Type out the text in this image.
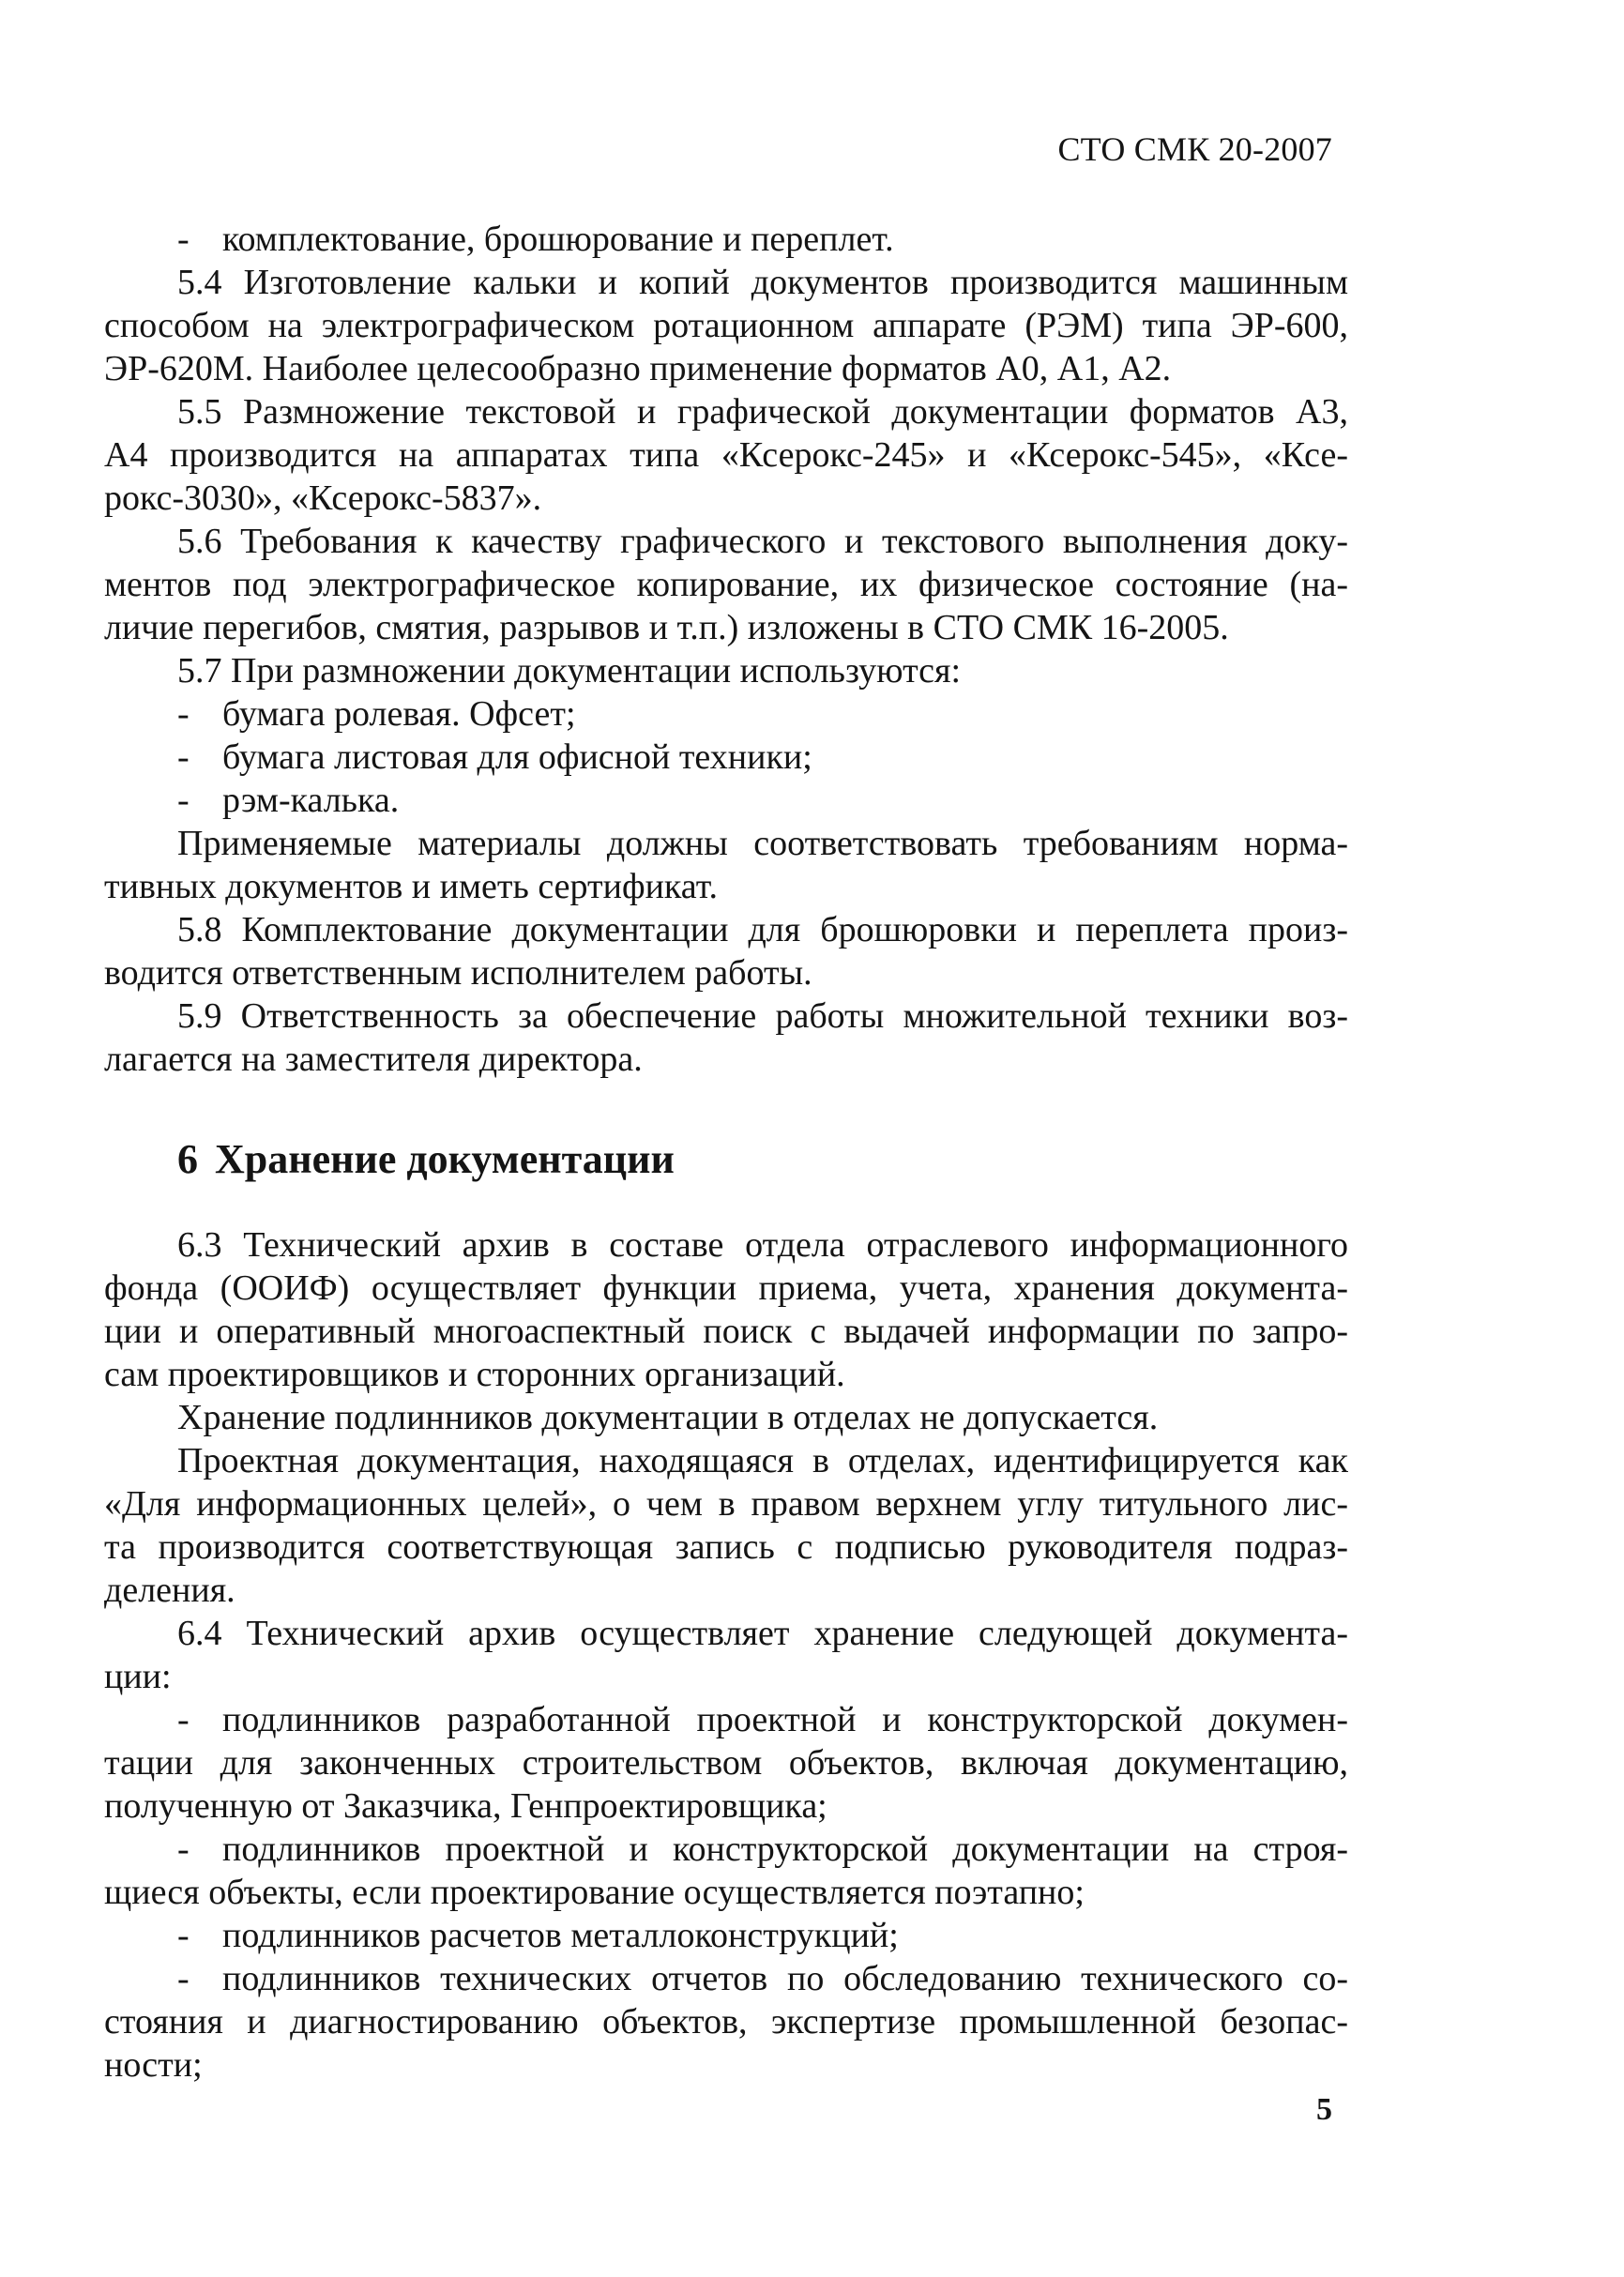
СТО СМК 20-2007
- комплектование, брошюрование и переплет.
5.4 Изготовление кальки и копий документов производится машинным
способом на электрографическом ротационном аппарате (РЭМ) типа ЭР-600,
ЭР-620М. Наиболее целесообразно применение форматов А0, А1, А2.
5.5 Размножение текстовой и графической документации форматов А3,
А4 производится на аппаратах типа «Ксерокс-245» и «Ксерокс-545», «Ксе-
рокс-3030», «Ксерокс-5837».
5.6 Требования к качеству графического и текстового выполнения доку-
ментов под электрографическое копирование, их физическое состояние (на-
личие перегибов, смятия, разрывов и т.п.) изложены в СТО СМК 16-2005.
5.7 При размножении документации используются:
- бумага ролевая. Офсет;
- бумага листовая для офисной техники;
- рэм-калька.
Применяемые материалы должны соответствовать требованиям норма-
тивных документов и иметь сертификат.
5.8 Комплектование документации для брошюровки и переплета произ-
водится ответственным исполнителем работы.
5.9 Ответственность за обеспечение работы множительной техники воз-
лагается на заместителя директора.
6 Хранение документации
6.3 Технический архив в составе отдела отраслевого информационного
фонда (ООИФ) осуществляет функции приема, учета, хранения документа-
ции и оперативный многоаспектный поиск с выдачей информации по запро-
сам проектировщиков и сторонних организаций.
Хранение подлинников документации в отделах не допускается.
Проектная документация, находящаяся в отделах, идентифицируется как
«Для информационных целей», о чем в правом верхнем углу титульного лис-
та производится соответствующая запись с подписью руководителя подраз-
деления.
6.4 Технический архив осуществляет хранение следующей документа-
ции:
- подлинников разработанной проектной и конструкторской докумен-
тации для законченных строительством объектов, включая документацию,
полученную от Заказчика, Генпроектировщика;
- подлинников проектной и конструкторской документации на строя-
щиеся объекты, если проектирование осуществляется поэтапно;
- подлинников расчетов металлоконструкций;
- подлинников технических отчетов по обследованию технического со-
стояния и диагностированию объектов, экспертизе промышленной безопас-
ности;
5
